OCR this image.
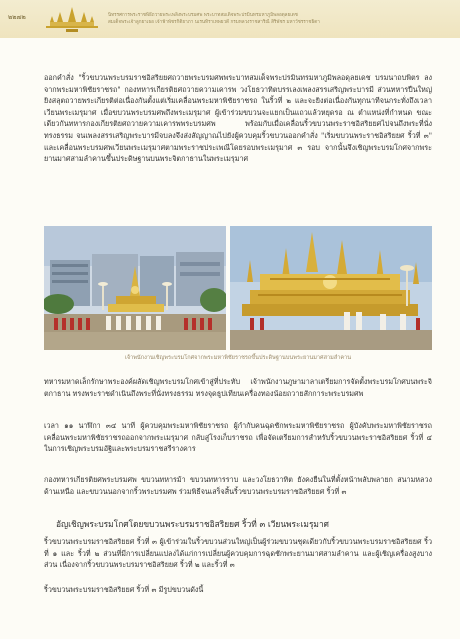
๒๒๗๒	นิทรรศการพระราชพิธีถวายพระเพลิงพระบรมศพ พระบาทสมเด็จพระปรมินทรมหาภูมิพลอดุลยเดช
สมเด็จพระเจ้าลูกยาเธอ เจ้าฟ้าพัชรกิติยาภา นเรนทิราเทพยวดี กรมหลวงราชสาริณี สิริพัชร มหาวัชรราชธิดา
ออกคำสั่ง "ริ้วขบวนพระบรมราชอิสริยยศถวายพระบรมศพพระบาทสมเด็จพระปรมินทรมหาภูมิพลอดุลยเดช บรมนาถบพิตร ลงจากพระมหาพิชัยราชรถ" กองทหารเกียรติยศถวายความเคารพ วงโยธวาทิตบรรเลงเพลงสรรเสริญพระบารมี ส่วนทหารปืนใหญ่ยิงสลุตถวายพระเกียรติต่อเนื่องกันตั้งแต่เริ่มเคลื่อนพระมหาพิชัยราชรถ ในริ้วที่ ๒ และจะยิงต่อเนื่องกันทุกนาทีจนกระทั่งถึงเวลาเวียนพระเมรุมาศ เมื่อขบวนพระบรมศพถึงพระเมรุมาศ ผู้เข้าร่วมขบวนจะแยกเป็นแถวแล้วหยุดรอ ณ ตำแหน่งที่กำหนด ขณะเดียวกันทหารกองเกียรติยศถวายความเคารพพระบรมศพ พร้อมกับเมื่อเคลื่อนริ้วขบวนพระราชอิสริยยศไปจนถึงพระที่นั่งทรงธรรม จนเพลงสรรเสริญพระบารมีจบลงจึงส่งสัญญาณไปยังผู้ควบคุมริ้วขบวนออกคำสั่ง "เริ่มขบวนพระราชอิสริยยศ ริ้วที่ ๓" และเคลื่อนพระบรมศพเวียนพระเมรุมาศตามพระราชประเพณีโดยรอบพระเมรุมาศ ๓ รอบ จากนั้นจึงเชิญพระบรมโกศจากพระยานมาศสามลำคานขึ้นประดิษฐานบนพระจิตกาธานในพระเมรุมาศ
เจ้าพนักงานเชิญพระบรมโกศจากพระมหาพิชัยราชรถขึ้นประดิษฐานบนพระยานมาศสามลำคาน
ทหารมหาดเล็กรักษาพระองค์ผลัดเชิญพระบรมโกศเข้าสู่ที่ประทับ เจ้าพนักงานภูษามาลาเตรียมการจัดตั้งพระบรมโกศบนพระจิตกาธาน ทรงพระราชดำเนินถึงพระที่นั่งทรงธรรม ทรงจุดธูปเทียนเครื่องทองน้อยถวายสักการะพระบรมศพ
เวลา ๑๑ นาฬิกา ๓๔ นาที ผู้ควบคุมพระมหาพิชัยราชรถ ผู้กำกับคนฉุดชักพระมหาพิชัยราชรถ ผู้บังคับพระมหาพิชัยราชรถ เคลื่อนพระมหาพิชัยราชรถออกจากพระเมรุมาศ กลับสู่โรงเก็บราชรถ เพื่อจัดเตรียมการสำหรับริ้วขบวนพระราชอิสริยยศ ริ้วที่ ๔ ในการเชิญพระบรมอัฐิและพระบรมราชสรีรางคาร
กองทหารเกียรติยศพระบรมศพ ขบวนทหารม้า ขบวนทหารราบ และวงโยธวาทิต ยังคงยืนในที่ตั้งหน้าพลับพลายก สนามหลวงด้านเหนือ และขบวนนอกจากริ้วพระบรมศพ ร่วมพิธีจนเสร็จสิ้นริ้วขบวนพระบรมราชอิสริยยศ ริ้วที่ ๓
อัญเชิญพระบรมโกศโดยขบวนพระบรมราชอิสริยยศ ริ้วที่ ๓ เวียนพระเมรุมาศ
ริ้วขบวนพระบรมราชอิสริยยศ ริ้วที่ ๓ ผู้เข้าร่วมในริ้วขบวนส่วนใหญ่เป็นผู้ร่วมขบวนชุดเดียวกับริ้วขบวนพระบรมราชอิสริยยศ ริ้วที่ ๑ และ ริ้วที่ ๒ ส่วนที่มีการเปลี่ยนแปลงได้แก่การเปลี่ยนผู้ควบคุมการฉุดชักพระยานมาศสามลำคาน และผู้เชิญเครื่องสูงบางส่วน เนื่องจากริ้วขบวนพระบรมราชอิสริยยศ ริ้วที่ ๒ และริ้วที่ ๓
ริ้วขบวนพระบรมราชอิสริยยศ ริ้วที่ ๓ มีรูปขบวนดังนี้
